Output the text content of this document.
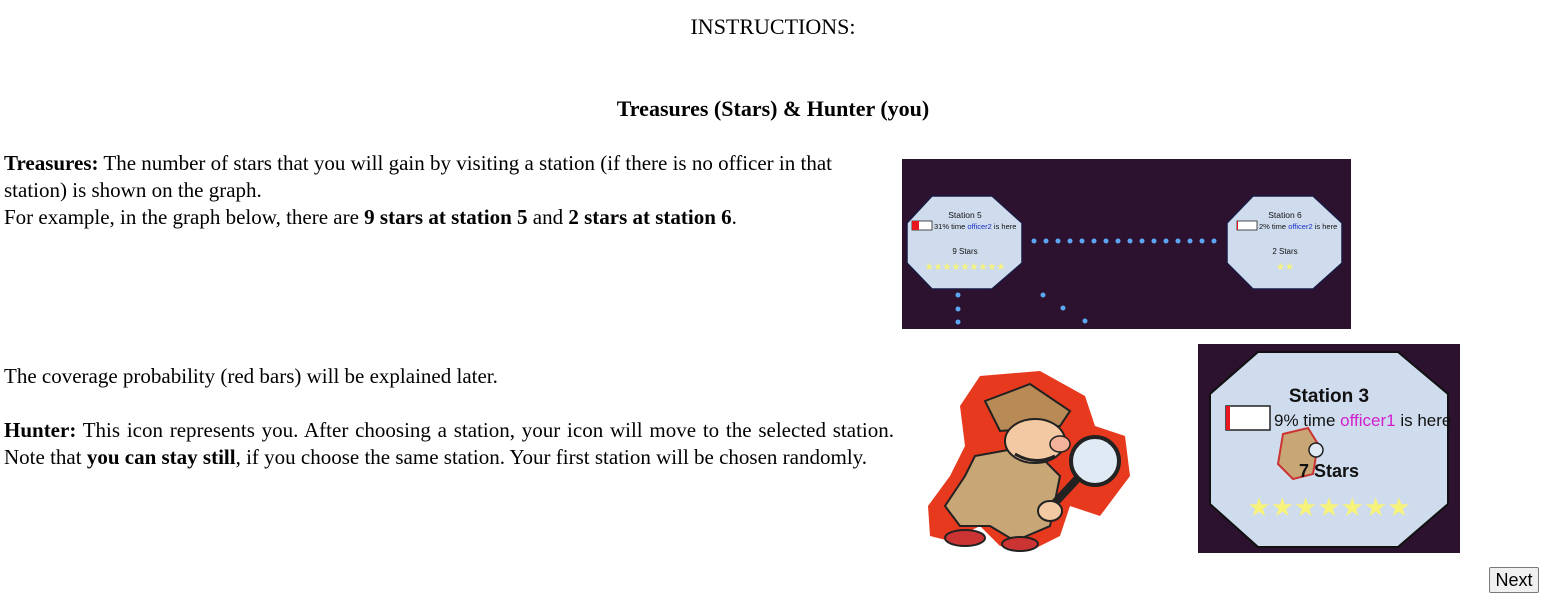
INSTRUCTIONS:
Treasures (Stars) & Hunter (you)
Treasures: The number of stars that you will gain by visiting a station (if there is no officer in that station) is shown on the graph.
For example, in the graph below, there are 9 stars at station 5 and 2 stars at station 6.
The coverage probability (red bars) will be explained later.
Hunter: This icon represents you. After choosing a station, your icon will move to the selected station. Note that you can stay still, if you choose the same station. Your first station will be chosen randomly.
Station 5
31% time officer2 is here
9 Stars
★★★★★★★★★
Station 6
2% time officer2 is here
2 Stars
★★
Station 3
9% time officer1 is here
7 Stars
★★★★★★★
Next
